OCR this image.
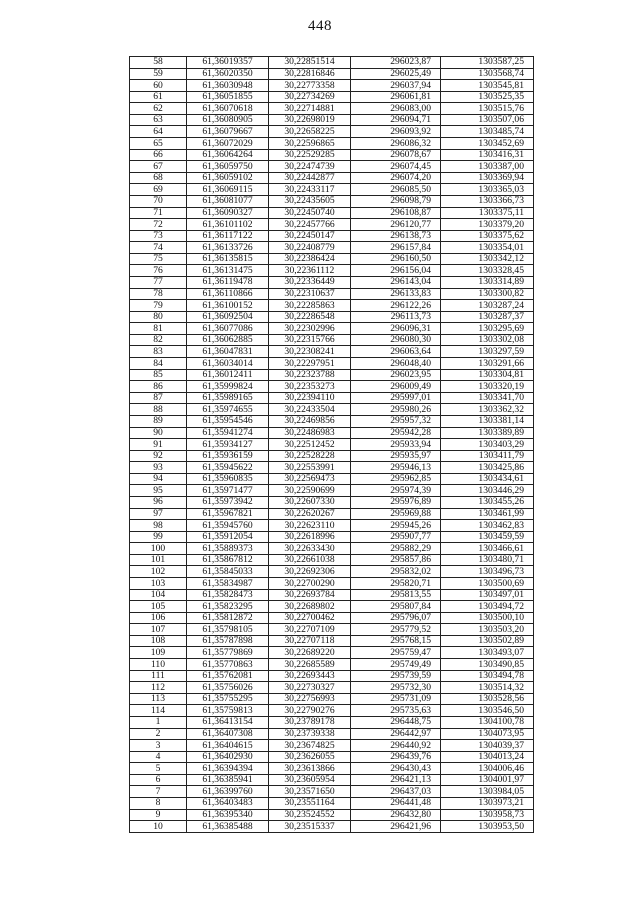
448
58	61,36019357	30,22851514	296023,87	1303587,25
59	61,36020350	30,22816846	296025,49	1303568,74
60	61,36030948	30,22773358	296037,94	1303545,81
61	61,36051855	30,22734269	296061,81	1303525,35
62	61,36070618	30,22714881	296083,00	1303515,76
63	61,36080905	30,22698019	296094,71	1303507,06
64	61,36079667	30,22658225	296093,92	1303485,74
65	61,36072029	30,22596865	296086,32	1303452,69
66	61,36064264	30,22529285	296078,67	1303416,31
67	61,36059750	30,22474739	296074,45	1303387,00
68	61,36059102	30,22442877	296074,20	1303369,94
69	61,36069115	30,22433117	296085,50	1303365,03
70	61,36081077	30,22435605	296098,79	1303366,73
71	61,36090327	30,22450740	296108,87	1303375,11
72	61,36101102	30,22457766	296120,77	1303379,20
73	61,36117122	30,22450147	296138,73	1303375,62
74	61,36133726	30,22408779	296157,84	1303354,01
75	61,36135815	30,22386424	296160,50	1303342,12
76	61,36131475	30,22361112	296156,04	1303328,45
77	61,36119478	30,22336449	296143,04	1303314,89
78	61,36110866	30,22310637	296133,83	1303300,82
79	61,36100152	30,22285863	296122,26	1303287,24
80	61,36092504	30,22286548	296113,73	1303287,37
81	61,36077086	30,22302996	296096,31	1303295,69
82	61,36062885	30,22315766	296080,30	1303302,08
83	61,36047831	30,22308241	296063,64	1303297,59
84	61,36034014	30,22297951	296048,40	1303291,66
85	61,36012411	30,22323788	296023,95	1303304,81
86	61,35999824	30,22353273	296009,49	1303320,19
87	61,35989165	30,22394110	295997,01	1303341,70
88	61,35974655	30,22433504	295980,26	1303362,32
89	61,35954546	30,22469856	295957,32	1303381,14
90	61,35941274	30,22486983	295942,28	1303389,89
91	61,35934127	30,22512452	295933,94	1303403,29
92	61,35936159	30,22528228	295935,97	1303411,79
93	61,35945622	30,22553991	295946,13	1303425,86
94	61,35960835	30,22569473	295962,85	1303434,61
95	61,35971477	30,22590699	295974,39	1303446,29
96	61,35973942	30,22607330	295976,89	1303455,26
97	61,35967821	30,22620267	295969,88	1303461,99
98	61,35945760	30,22623110	295945,26	1303462,83
99	61,35912054	30,22618996	295907,77	1303459,59
100	61,35889373	30,22633430	295882,29	1303466,61
101	61,35867812	30,22661038	295857,86	1303480,71
102	61,35845033	30,22692306	295832,02	1303496,73
103	61,35834987	30,22700290	295820,71	1303500,69
104	61,35828473	30,22693784	295813,55	1303497,01
105	61,35823295	30,22689802	295807,84	1303494,72
106	61,35812872	30,22700462	295796,07	1303500,10
107	61,35798105	30,22707109	295779,52	1303503,20
108	61,35787898	30,22707118	295768,15	1303502,89
109	61,35779869	30,22689220	295759,47	1303493,07
110	61,35770863	30,22685589	295749,49	1303490,85
111	61,35762081	30,22693443	295739,59	1303494,78
112	61,35756026	30,22730327	295732,30	1303514,32
113	61,35755295	30,22756993	295731,09	1303528,56
114	61,35759813	30,22790276	295735,63	1303546,50
1	61,36413154	30,23789178	296448,75	1304100,78
2	61,36407308	30,23739338	296442,97	1304073,95
3	61,36404615	30,23674825	296440,92	1304039,37
4	61,36402930	30,23626055	296439,76	1304013,24
5	61,36394394	30,23613866	296430,43	1304006,46
6	61,36385941	30,23605954	296421,13	1304001,97
7	61,36399760	30,23571650	296437,03	1303984,05
8	61,36403483	30,23551164	296441,48	1303973,21
9	61,36395340	30,23524552	296432,80	1303958,73
10	61,36385488	30,23515337	296421,96	1303953,50
